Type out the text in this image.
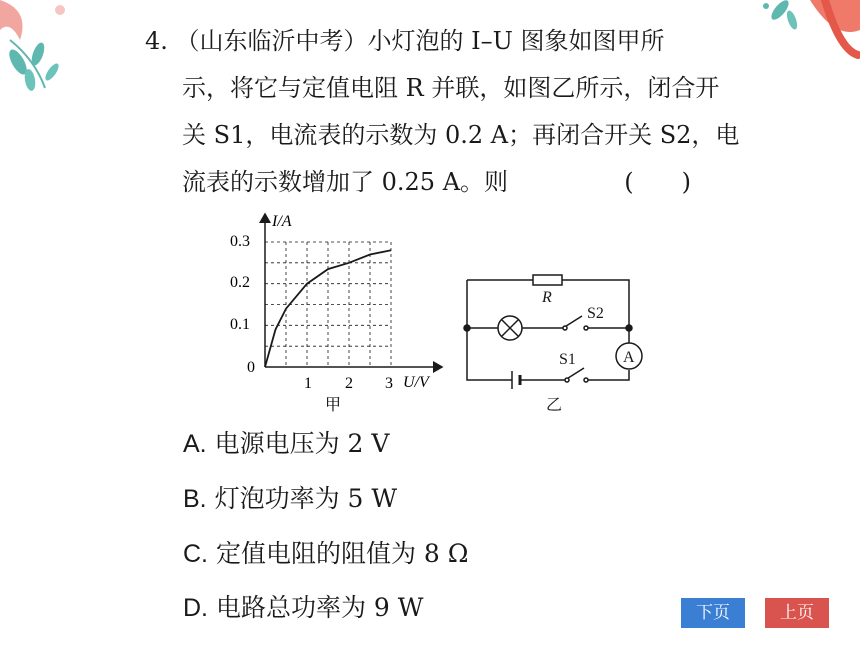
4. （山东临沂中考）小灯泡的 I–U 图象如图甲所
示，将它与定值电阻 R 并联，如图乙所示，闭合开
关 S1，电流表的示数为 0.2 A；再闭合开关 S2，电
流表的示数增加了 0.25 A。则	(　　)
I/A
U/V
0.3
0.2
0.1
0
1 2 3
甲
R
S2
S1	A
乙
A. 电源电压为 2 V
B. 灯泡功率为 5 W
C. 定值电阻的阻值为 8 Ω
D. 电路总功率为 9 W	下页	上页
